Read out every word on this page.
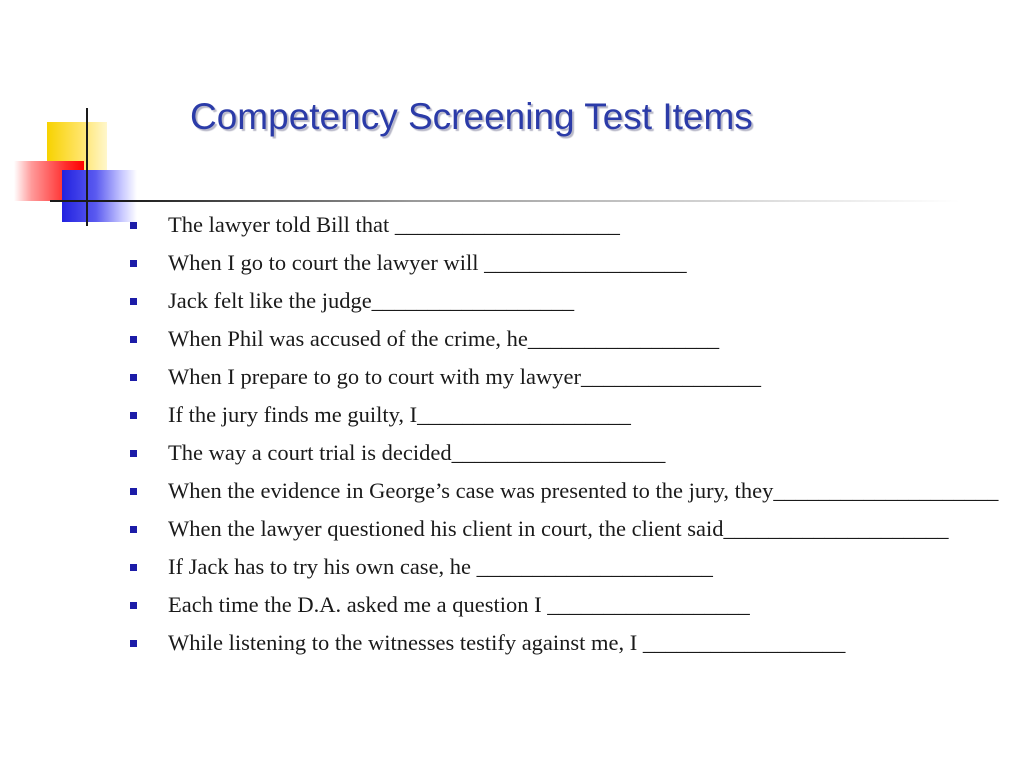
Competency Screening Test Items
The lawyer told Bill that ____________________
When I go to court the lawyer will __________________
Jack felt like the judge__________________
When Phil was accused of the crime, he_________________
When I prepare to go to court with my lawyer________________
If the jury finds me guilty, I___________________
The way a court trial is decided___________________
When the evidence in George’s case was presented to the jury, they____________________
When the lawyer questioned his client in court, the client said____________________
If Jack has to try his own case, he _____________________
Each time the D.A. asked me a question I __________________
While listening to the witnesses testify against me, I __________________
